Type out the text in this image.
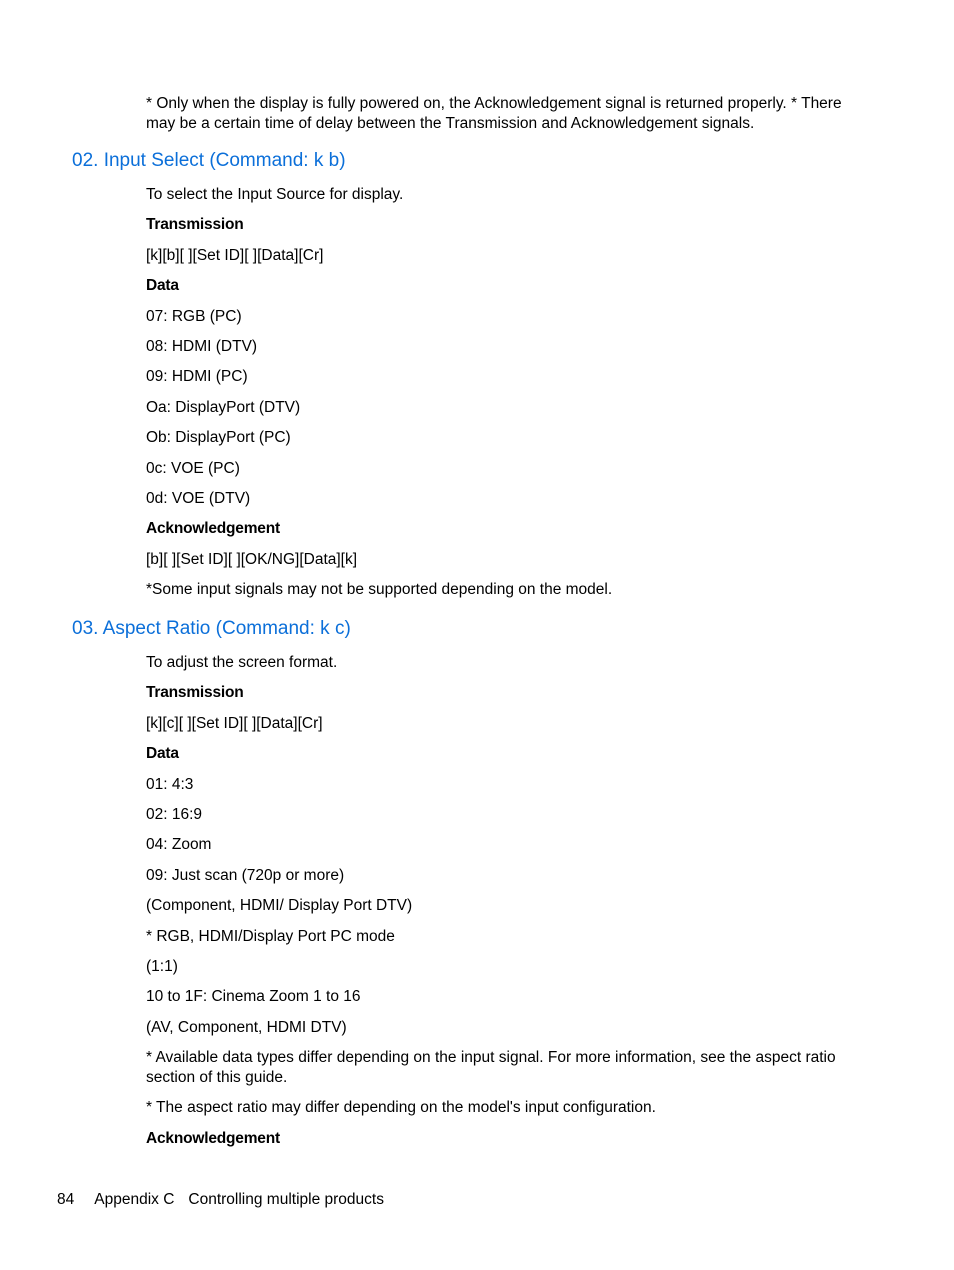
* Only when the display is fully powered on, the Acknowledgement signal is returned properly. * There may be a certain time of delay between the Transmission and Acknowledgement signals.
02. Input Select (Command: k b)
To select the Input Source for display.
Transmission
[k][b][ ][Set ID][ ][Data][Cr]
Data
07: RGB (PC)
08: HDMI (DTV)
09: HDMI (PC)
Oa: DisplayPort (DTV)
Ob: DisplayPort (PC)
0c: VOE (PC)
0d: VOE (DTV)
Acknowledgement
[b][ ][Set ID][ ][OK/NG][Data][k]
*Some input signals may not be supported depending on the model.
03. Aspect Ratio (Command: k c)
To adjust the screen format.
Transmission
[k][c][ ][Set ID][ ][Data][Cr]
Data
01: 4:3
02: 16:9
04: Zoom
09: Just scan (720p or more)
(Component, HDMI/ Display Port DTV)
* RGB, HDMI/Display Port PC mode
(1:1)
10 to 1F: Cinema Zoom 1 to 16
(AV, Component, HDMI DTV)
* Available data types differ depending on the input signal. For more information, see the aspect ratio section of this guide.
* The aspect ratio may differ depending on the model's input configuration.
Acknowledgement
84 Appendix C Controlling multiple products
